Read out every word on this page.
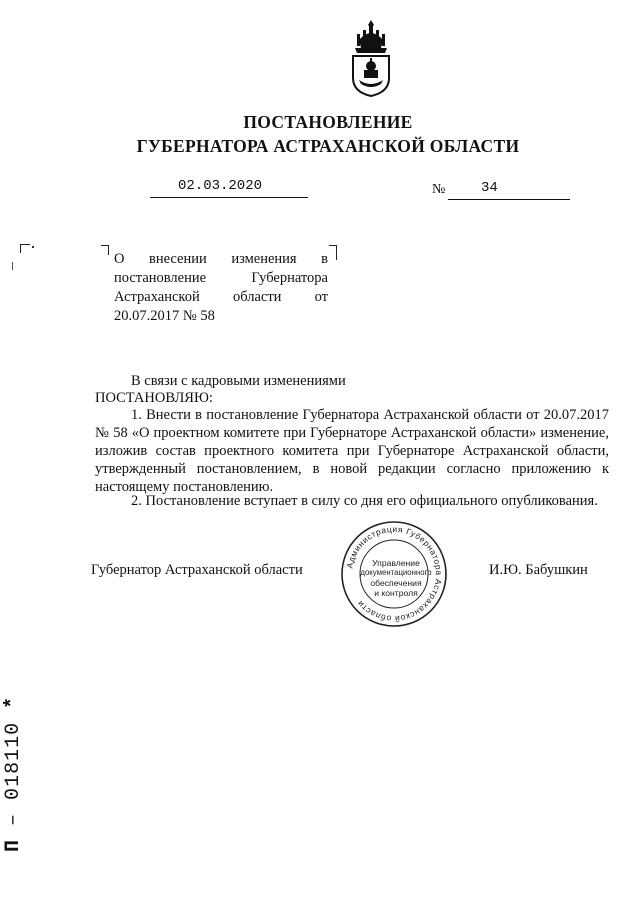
ПОСТАНОВЛЕНИЕ
ГУБЕРНАТОРА АСТРАХАНСКОЙ ОБЛАСТИ
02.03.2020	№	34
О внесении изменения в постановление Губернатора Астраханской области от 20.07.2017 № 58
В связи с кадровыми изменениями
ПОСТАНОВЛЯЮ:
1. Внести в постановление Губернатора Астраханской области от 20.07.2017 № 58 «О проектном комитете при Губернаторе Астраханской области» изменение, изложив состав проектного комитета при Губернаторе Астраханской области, утвержденный постановлением, в новой редакции согласно приложению к настоящему постановлению.
2. Постановление вступает в силу со дня его официального опубликования.
Губернатор Астраханской области	И.Ю. Бабушкин
Администрация Губернатора Астраханской области
Управление
документационного
обеспечения
и контроля
П – 018110 *
